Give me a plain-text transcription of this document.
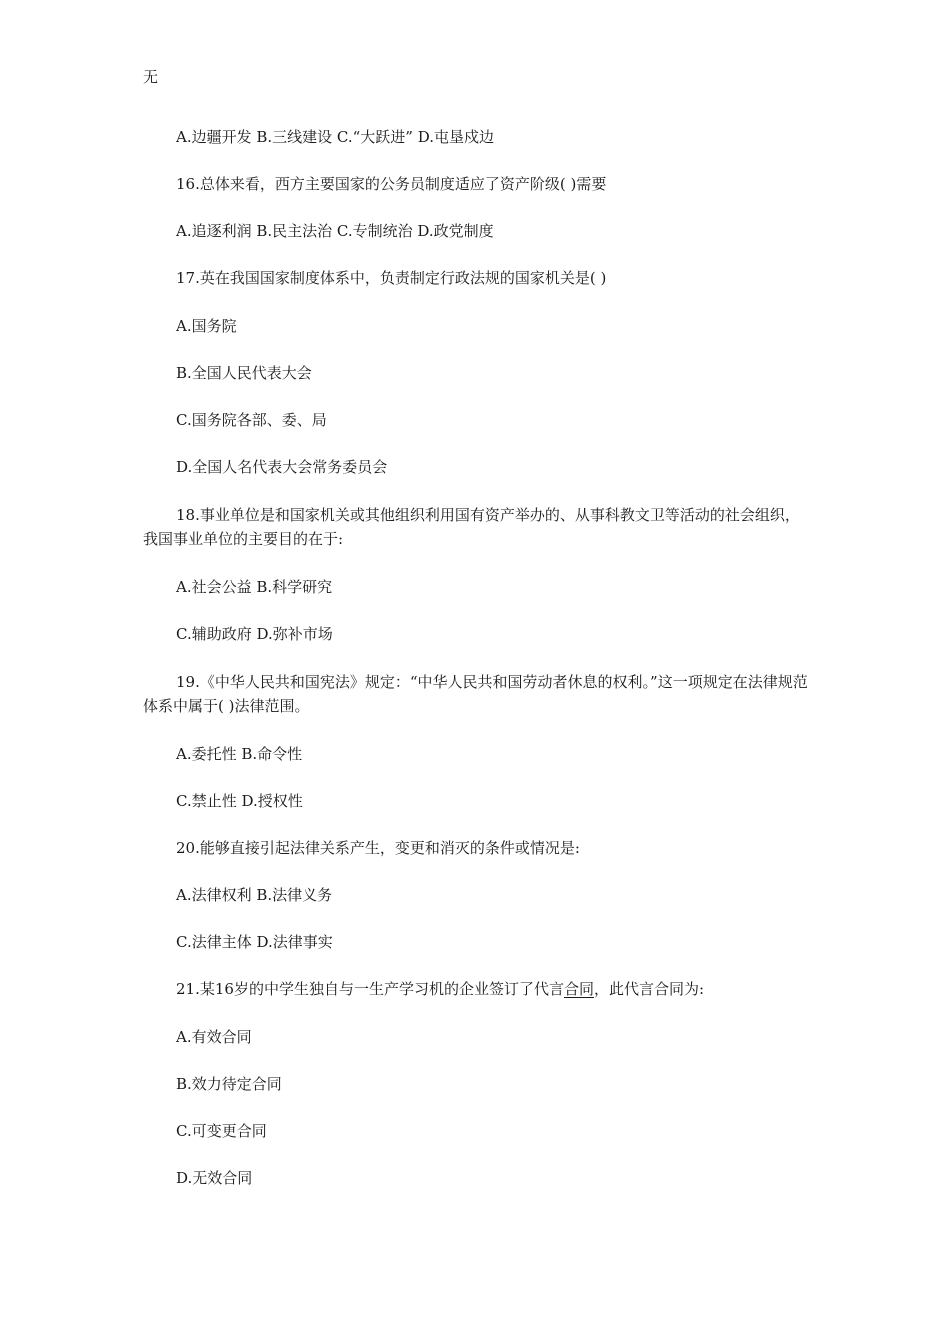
无
A.边疆开发 B.三线建设 C.“大跃进” D.屯垦戍边
16.总体来看，西方主要国家的公务员制度适应了资产阶级( )需要
A.追逐利润 B.民主法治 C.专制统治 D.政党制度
17.英在我国国家制度体系中，负责制定行政法规的国家机关是( )
A.国务院
B.全国人民代表大会
C.国务院各部、委、局
D.全国人名代表大会常务委员会
18.事业单位是和国家机关或其他组织利用国有资产举办的、从事科教文卫等活动的社会组织，我国事业单位的主要目的在于:
A.社会公益 B.科学研究
C.辅助政府 D.弥补市场
19.《中华人民共和国宪法》规定：“中华人民共和国劳动者休息的权利。”这一项规定在法律规范体系中属于( )法律范围。
A.委托性 B.命令性
C.禁止性 D.授权性
20.能够直接引起法律关系产生，变更和消灭的条件或情况是:
A.法律权利 B.法律义务
C.法律主体 D.法律事实
21.某16岁的中学生独自与一生产学习机的企业签订了代言合同，此代言合同为:
A.有效合同
B.效力待定合同
C.可变更合同
D.无效合同
